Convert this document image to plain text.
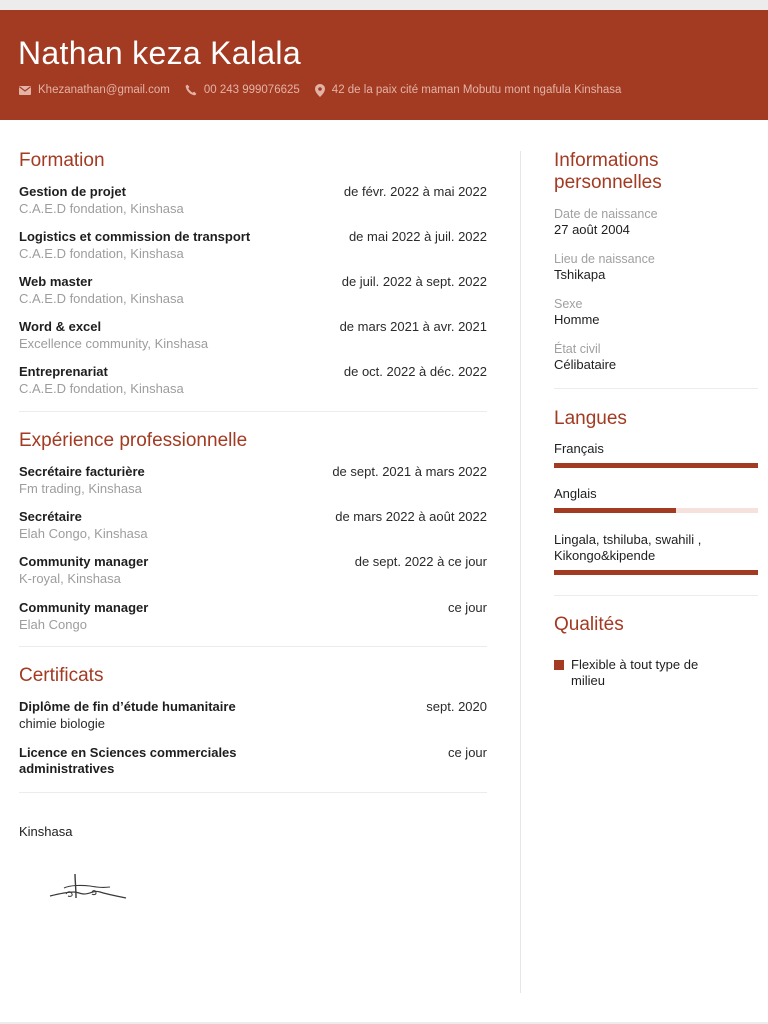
Nathan keza Kalala
Khezanathan@gmail.com	00 243 999076625	42 de la paix cité maman Mobutu mont ngafula Kinshasa
Formation
Gestion de projet	de févr. 2022 à mai 2022
C.A.E.D fondation, Kinshasa
Logistics et commission de transport	de mai 2022 à juil. 2022
C.A.E.D fondation, Kinshasa
Web master	de juil. 2022 à sept. 2022
C.A.E.D fondation, Kinshasa
Word & excel	de mars 2021 à avr. 2021
Excellence community, Kinshasa
Entreprenariat	de oct. 2022 à déc. 2022
C.A.E.D fondation, Kinshasa
Expérience professionnelle
Secrétaire facturière	de sept. 2021 à mars 2022
Fm trading, Kinshasa
Secrétaire	de mars 2022 à août 2022
Elah Congo, Kinshasa
Community manager	de sept. 2022 à ce jour
K-royal, Kinshasa
Community manager	ce jour
Elah Congo
Certificats
Diplôme de fin d’étude humanitaire	sept. 2020
chimie biologie
Licence en Sciences commerciales	ce jour
administratives
Kinshasa
Informations
personnelles
Date de naissance
27 août 2004
Lieu de naissance
Tshikapa
Sexe
Homme
État civil
Célibataire
Langues
Français
Anglais
Lingala, tshiluba, swahili ,
Kikongo&kipende
Qualités
Flexible à tout type de
milieu
